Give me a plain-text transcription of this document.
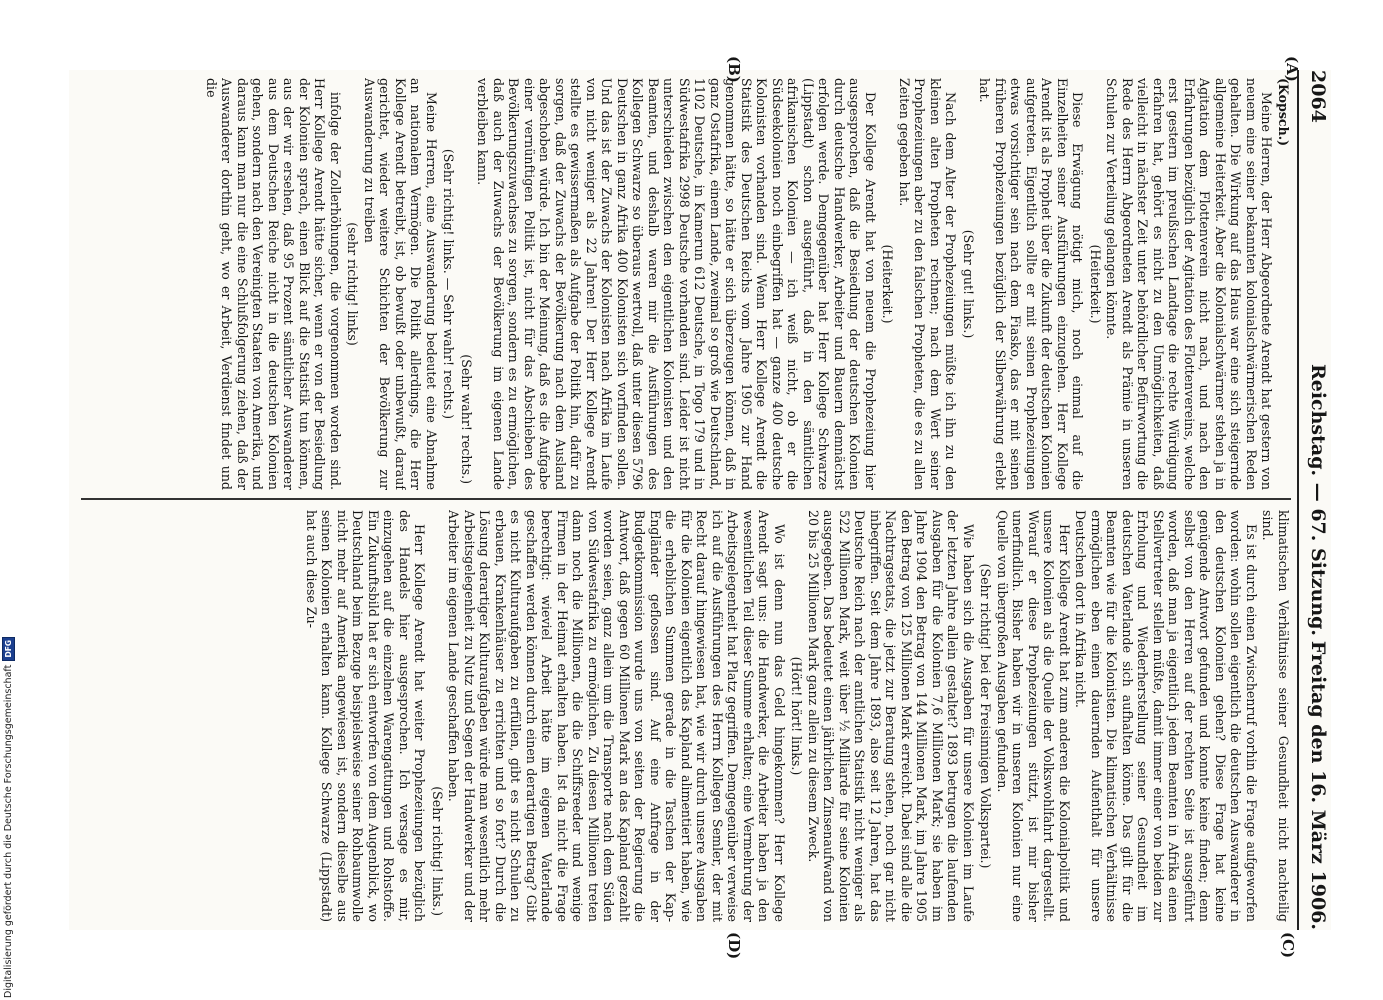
2064
Reichstag. — 67. Sitzung.
Freitag den 16. März 1906.
(A)
(B)
(C)
(D)

(Kopsch.)

Meine Herren, der Herr Abgeordnete Arendt hat gestern von neuem eine seiner bekannten kolonialschwärmerischen Reden gehalten. Die Wirkung auf das Haus war eine sich steigernde allgemeine Heiterkeit. Aber die Kolonialschwärmer stehen ja in Agitation dem Flottenverein nicht nach, und nach den Erfahrungen bezüglich der Agitation des Flottenvereins, welche erst gestern im preußischen Landtage die rechte Würdigung erfahren hat, gehört es nicht zu den Unmöglichkeiten, daß vielleicht in nächster Zeit unter behördlicher Befürwortung die Rede des Herrn Abgeordneten Arendt als Prämie in unseren Schulen zur Verteilung gelangen könnte.

(Heiterkeit.)

Diese Erwägung nötigt mich, noch einmal auf die Einzelheiten seiner Ausführungen einzugehen. Herr Kollege Arendt ist als Prophet über die Zukunft der deutschen Kolonien aufgetreten. Eigentlich sollte er mit seinen Prophezeiungen etwas vorsichtiger sein nach dem Fiasko, das er mit seinen früheren Prophezeiungen bezüglich der Silberwährung erlebt hat.

(Sehr gut! links.)

Nach dem Alter der Prophezeiungen müßte ich ihn zu den kleinen alten Propheten rechnen; nach dem Wert seiner Prophezeiungen aber zu den falschen Propheten, die es zu allen Zeiten gegeben hat.

(Heiterkeit.)

Der Kollege Arendt hat von neuem die Prophezeiung hier ausgesprochen, daß die Besiedlung der deutschen Kolonien durch deutsche Handwerker, Arbeiter und Bauern demnächst erfolgen werde. Demgegenüber hat Herr Kollege Schwarze (Lippstadt) schon ausgeführt, daß in den sämtlichen afrikanischen Kolonien — ich weiß nicht, ob er die Südseekolonien noch einbegriffen hat — ganze 400 deutsche Kolonisten vorhanden sind. Wenn Herr Kollege Arendt die Statistik des Deutschen Reichs vom Jahre 1905 zur Hand genommen hätte, so hätte er sich überzeugen können, daß in ganz Ostafrika, einem Lande, zweimal so groß wie Deutschland, 1102 Deutsche, in Kamerun 612 Deutsche, in Togo 179 und in Südwestafrika 2998 Deutsche vorhanden sind. Leider ist nicht unterschieden zwischen den eigentlichen Kolonisten und den Beamten, und deshalb waren mir die Ausführungen des Kollegen Schwarze so überaus wertvoll, daß unter diesen 5796 Deutschen in ganz Afrika 400 Kolonisten sich vorfinden sollen. Und das ist der Zuwachs der Kolonisten nach Afrika im Laufe von nicht weniger als 22 Jahren! Der Herr Kollege Arendt stellte es gewissermaßen als Aufgabe der Politik hin, dafür zu sorgen, daß der Zuwachs der Bevölkerung nach dem Ausland abgeschoben würde. Ich bin der Meinung, daß es die Aufgabe einer vernünftigen Politik ist, nicht für das Abschieben des Bevölkerungszuwachses zu sorgen, sondern es zu ermöglichen, daß auch der Zuwachs der Bevölkerung im eigenen Lande verbleiben kann.

(Sehr wahr! rechts.)

(Sehr richtig! links. — Sehr wahr! rechts.)

Meine Herren, eine Auswanderung bedeutet eine Abnahme an nationalem Vermögen. Die Politik allerdings, die Herr Kollege Arendt betreibt, ist, ob bewußt oder unbewußt, darauf gerichtet, wieder weitere Schichten der Bevölkerung zur Auswanderung zu treiben

(sehr richtig! links)

infolge der Zollerhöhungen, die vorgenommen worden sind. Herr Kollege Arendt hätte sicher, wenn er von der Besiedlung der Kolonien sprach, einen Blick auf die Statistik tun können, aus der wir ersehen, daß 95 Prozent sämtlicher Auswanderer aus dem Deutschen Reiche nicht in die deutschen Kolonien gehen, sondern nach den Vereinigten Staaten von Amerika, und daraus kann man nur die eine Schlußfolgerung ziehen, daß der Auswanderer dorthin geht, wo er Arbeit, Verdienst findet und die

klimatischen Verhältnisse seiner Gesundheit nicht nachteilig sind.

Es ist durch einen Zwischenruf vorhin die Frage aufgeworfen worden: wohin sollen eigentlich die deutschen Auswanderer in den deutschen Kolonien gehen? Diese Frage hat keine genügende Antwort gefunden und konnte keine finden; denn selbst von den Herren auf der rechten Seite ist ausgeführt worden, daß man ja eigentlich jedem Beamten in Afrika einen Stellvertreter stellen müßte, damit immer einer von beiden zur Erholung und Wiederherstellung seiner Gesundheit im deutschen Vaterlande sich aufhalten könne. Das gilt für die Beamten wie für die Kolonisten. Die klimatischen Verhältnisse ermöglichen eben einen dauernden Aufenthalt für unsere Deutschen dort in Afrika nicht.

Herr Kollege Arendt hat zum anderen die Kolonialpolitik und unsere Kolonien als die Quelle der Volkswohlfahrt dargestellt. Worauf er diese Prophezeiungen stützt, ist mir bisher unerfindlich. Bisher haben wir in unseren Kolonien nur eine Quelle von übergroßen Ausgaben gefunden.

(Sehr richtig! bei der Freisinnigen Volkspartei.)

Wie haben sich die Ausgaben für unsere Kolonien im Laufe der letzten Jahre allein gestaltet? 1893 betrugen die laufenden Ausgaben für die Kolonien 7,6 Millionen Mark; sie haben im Jahre 1904 den Betrag von 144 Millionen Mark, im Jahre 1905 den Betrag von 125 Millionen Mark erreicht. Dabei sind alle die Nachtragsetats, die jetzt zur Beratung stehen, noch gar nicht inbegriffen. Seit dem Jahre 1893, also seit 12 Jahren, hat das Deutsche Reich nach der amtlichen Statistik nicht weniger als 522 Millionen Mark, weit über ½ Milliarde für seine Kolonien ausgegeben. Das bedeutet einen jährlichen Zinsenaufwand von 20 bis 25 Millionen Mark ganz allein zu diesem Zweck.

(Hört! hört! links.)

Wo ist denn nun das Geld hingekommen? Herr Kollege Arendt sagt uns: die Handwerker, die Arbeiter haben ja den wesentlichen Teil dieser Summe erhalten; eine Vermehrung der Arbeitsgelegenheit hat Platz gegriffen. Demgegenüber verweise ich auf die Ausführungen des Herrn Kollegen Semler, der mit Recht darauf hingewiesen hat, wie wir durch unsere Ausgaben für die Kolonien eigentlich das Kapland alimentiert haben, wie die erheblichen Summen gerade in die Taschen der Kap-Engländer geflossen sind. Auf eine Anfrage in der Budgetkommission wurde uns von seiten der Regierung die Antwort, daß gegen 60 Millionen Mark an das Kapland gezahlt worden seien, ganz allein um die Transporte nach dem Süden von Südwestafrika zu ermöglichen. Zu diesen Millionen treten dann noch die Millionen, die die Schiffsreeder und wenige Firmen in der Heimat erhalten haben. Ist da nicht die Frage berechtigt: wieviel Arbeit hätte im eigenen Vaterlande geschaffen werden können durch einen derartigen Betrag? Gibt es nicht Kulturaufgaben zu erfüllen, gibt es nicht Schulen zu erbauen, Krankenhäuser zu errichten und so fort? Durch die Lösung derartiger Kulturaufgaben würde man wesentlich mehr Arbeitsgelegenheit zu Nutz und Segen der Handwerker und der Arbeiter im eigenen Lande geschaffen haben.

(Sehr richtig! links.)

Herr Kollege Arendt hat weiter Prophezeiungen bezüglich des Handels hier ausgesprochen. Ich versage es mir, einzugehen auf die einzelnen Warengattungen und Rohstoffe. Ein Zukunftsbild hat er sich entworfen von dem Augenblick, wo Deutschland beim Bezuge beispielsweise seiner Rohbaumwolle nicht mehr auf Amerika angewiesen ist, sondern dieselbe aus seinen Kolonien erhalten kann. Kollege Schwarze (Lippstadt) hat auch diese Zu-

Digitalisierung gefördert durch die Deutsche Forschungsgemeinschaft
DFG
